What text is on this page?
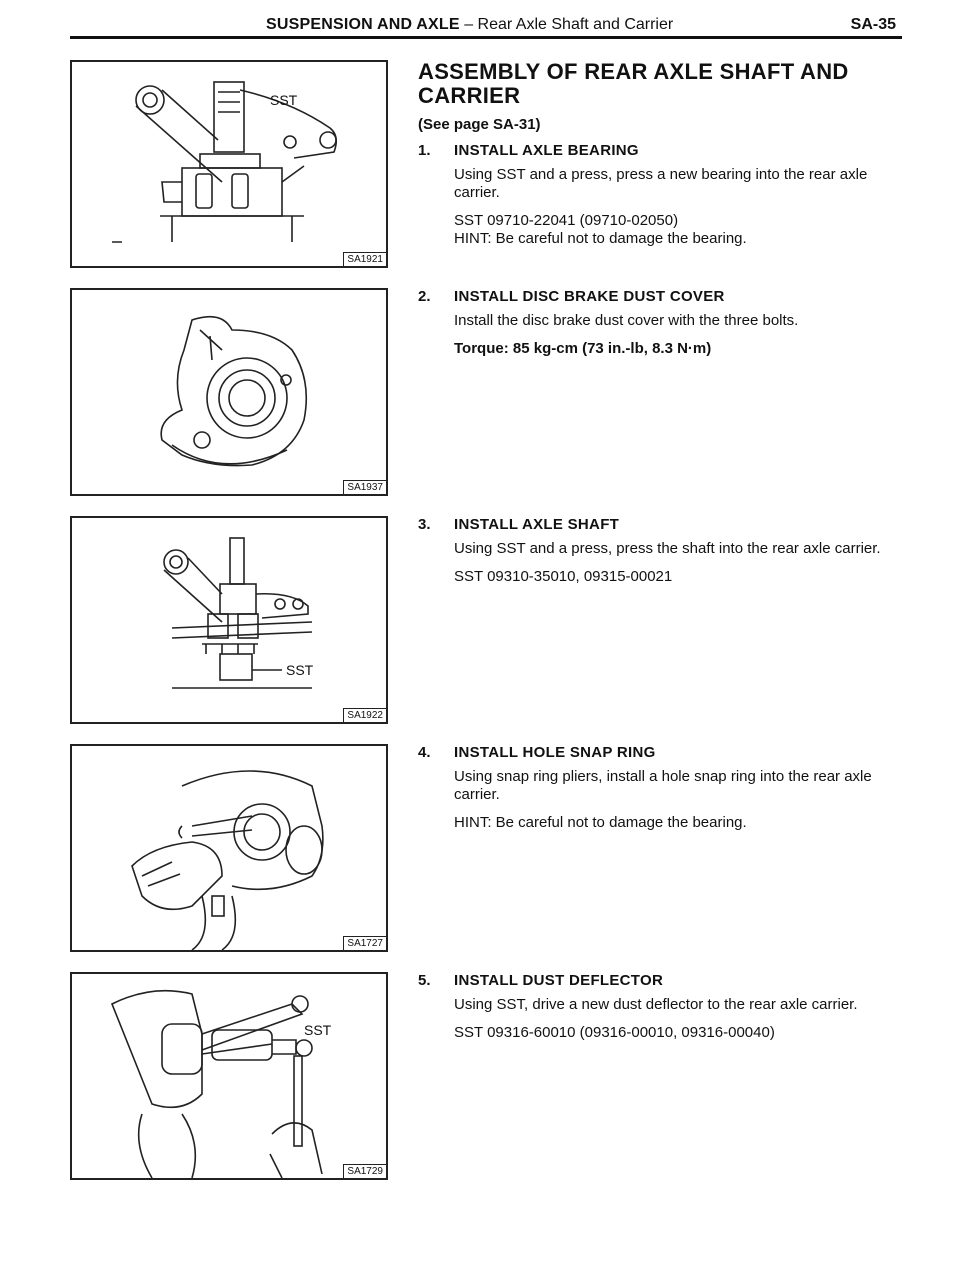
SUSPENSION AND AXLE – Rear Axle Shaft and Carrier	SA-35
SST
SA1921
SA1937
SST
SA1922
SA1727
SST
SA1729
ASSEMBLY OF REAR AXLE SHAFT AND CARRIER
(See page SA-31)
1. INSTALL AXLE BEARING

Using SST and a press, press a new bearing into the rear axle carrier.

SST 09710-22041 (09710-02050)

HINT: Be careful not to damage the bearing.

2. INSTALL DISC BRAKE DUST COVER

Install the disc brake dust cover with the three bolts.

Torque: 85 kg-cm (73 in.-lb, 8.3 N·m)

3. INSTALL AXLE SHAFT

Using SST and a press, press the shaft into the rear axle carrier.

SST 09310-35010, 09315-00021

4. INSTALL HOLE SNAP RING

Using snap ring pliers, install a hole snap ring into the rear axle carrier.

HINT: Be careful not to damage the bearing.

5. INSTALL DUST DEFLECTOR

Using SST, drive a new dust deflector to the rear axle carrier.

SST 09316-60010 (09316-00010, 09316-00040)
